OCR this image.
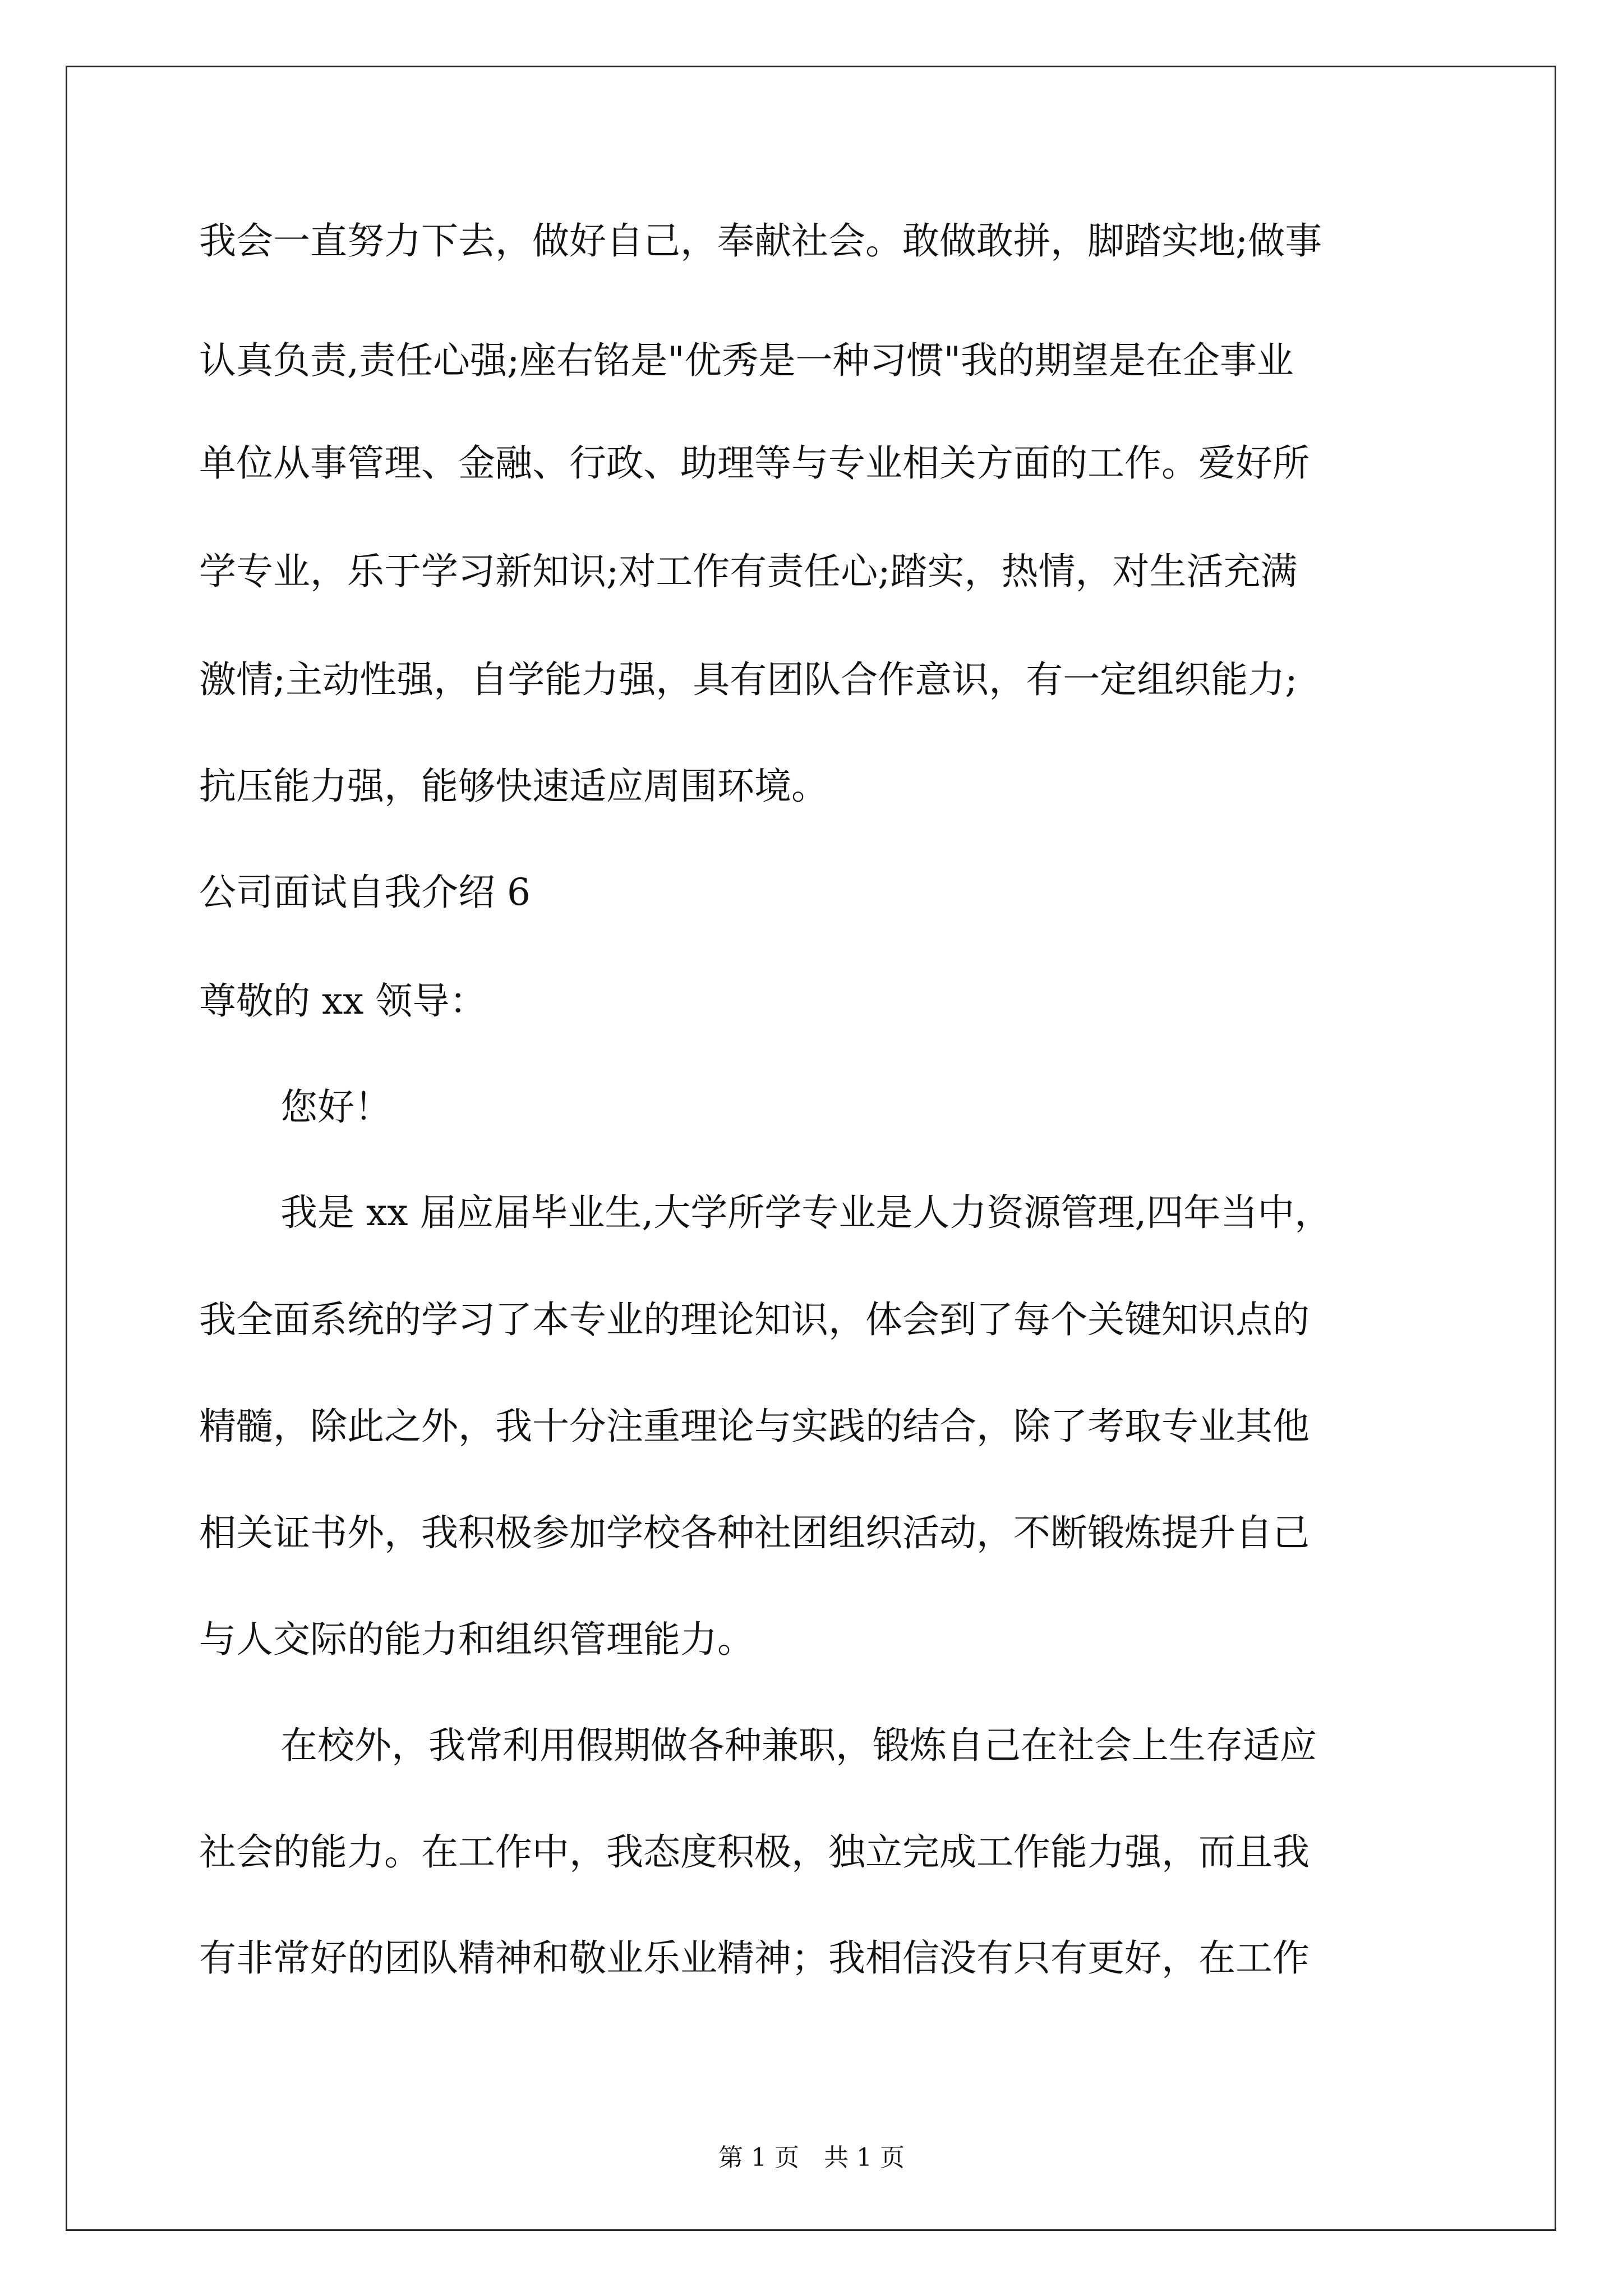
我会一直努力下去，做好自己，奉献社会。敢做敢拼，脚踏实地;做事

认真负责,责任心强;座右铭是"优秀是一种习惯"我的期望是在企事业

单位从事管理、金融、行政、助理等与专业相关方面的工作。爱好所

学专业，乐于学习新知识;对工作有责任心;踏实，热情，对生活充满

激情;主动性强，自学能力强，具有团队合作意识，有一定组织能力;

抗压能力强，能够快速适应周围环境。

公司面试自我介绍 6

尊敬的 xx 领导：

您好！

我是 xx 届应届毕业生,大学所学专业是人力资源管理,四年当中，

我全面系统的学习了本专业的理论知识，体会到了每个关键知识点的

精髓，除此之外，我十分注重理论与实践的结合，除了考取专业其他

相关证书外，我积极参加学校各种社团组织活动，不断锻炼提升自己

与人交际的能力和组织管理能力。

在校外，我常利用假期做各种兼职，锻炼自己在社会上生存适应

社会的能力。在工作中，我态度积极，独立完成工作能力强，而且我

有非常好的团队精神和敬业乐业精神；我相信没有只有更好，在工作

第 1 页　共 1 页
